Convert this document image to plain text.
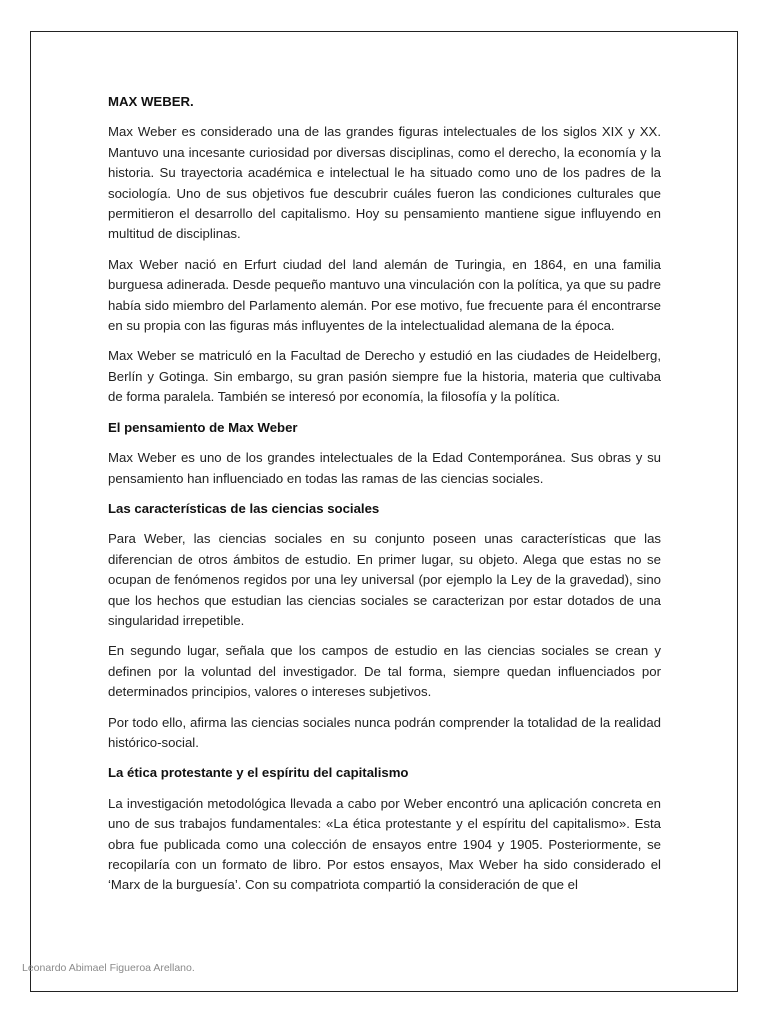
MAX WEBER.

Max Weber es considerado una de las grandes figuras intelectuales de los siglos XIX y XX. Mantuvo una incesante curiosidad por diversas disciplinas, como el derecho, la economía y la historia. Su trayectoria académica e intelectual le ha situado como uno de los padres de la sociología. Uno de sus objetivos fue descubrir cuáles fueron las condiciones culturales que permitieron el desarrollo del capitalismo. Hoy su pensamiento mantiene sigue influyendo en multitud de disciplinas.

Max Weber nació en Erfurt ciudad del land alemán de Turingia, en 1864, en una familia burguesa adinerada. Desde pequeño mantuvo una vinculación con la política, ya que su padre había sido miembro del Parlamento alemán. Por ese motivo, fue frecuente para él encontrarse en su propia con las figuras más influyentes de la intelectualidad alemana de la época.

Max Weber se matriculó en la Facultad de Derecho y estudió en las ciudades de Heidelberg, Berlín y Gotinga. Sin embargo, su gran pasión siempre fue la historia, materia que cultivaba de forma paralela. También se interesó por economía, la filosofía y la política.

El pensamiento de Max Weber

Max Weber es uno de los grandes intelectuales de la Edad Contemporánea. Sus obras y su pensamiento han influenciado en todas las ramas de las ciencias sociales.

Las características de las ciencias sociales

Para Weber, las ciencias sociales en su conjunto poseen unas características que las diferencian de otros ámbitos de estudio. En primer lugar, su objeto. Alega que estas no se ocupan de fenómenos regidos por una ley universal (por ejemplo la Ley de la gravedad), sino que los hechos que estudian las ciencias sociales se caracterizan por estar dotados de una singularidad irrepetible.

En segundo lugar, señala que los campos de estudio en las ciencias sociales se crean y definen por la voluntad del investigador. De tal forma, siempre quedan influenciados por determinados principios, valores o intereses subjetivos.

Por todo ello, afirma las ciencias sociales nunca podrán comprender la totalidad de la realidad histórico-social.

La ética protestante y el espíritu del capitalismo

La investigación metodológica llevada a cabo por Weber encontró una aplicación concreta en uno de sus trabajos fundamentales: «La ética protestante y el espíritu del capitalismo». Esta obra fue publicada como una colección de ensayos entre 1904 y 1905. Posteriormente, se recopilaría con un formato de libro. Por estos ensayos, Max Weber ha sido considerado el ‘Marx de la burguesía’. Con su compatriota compartió la consideración de que el

Leonardo Abimael Figueroa Arellano.
